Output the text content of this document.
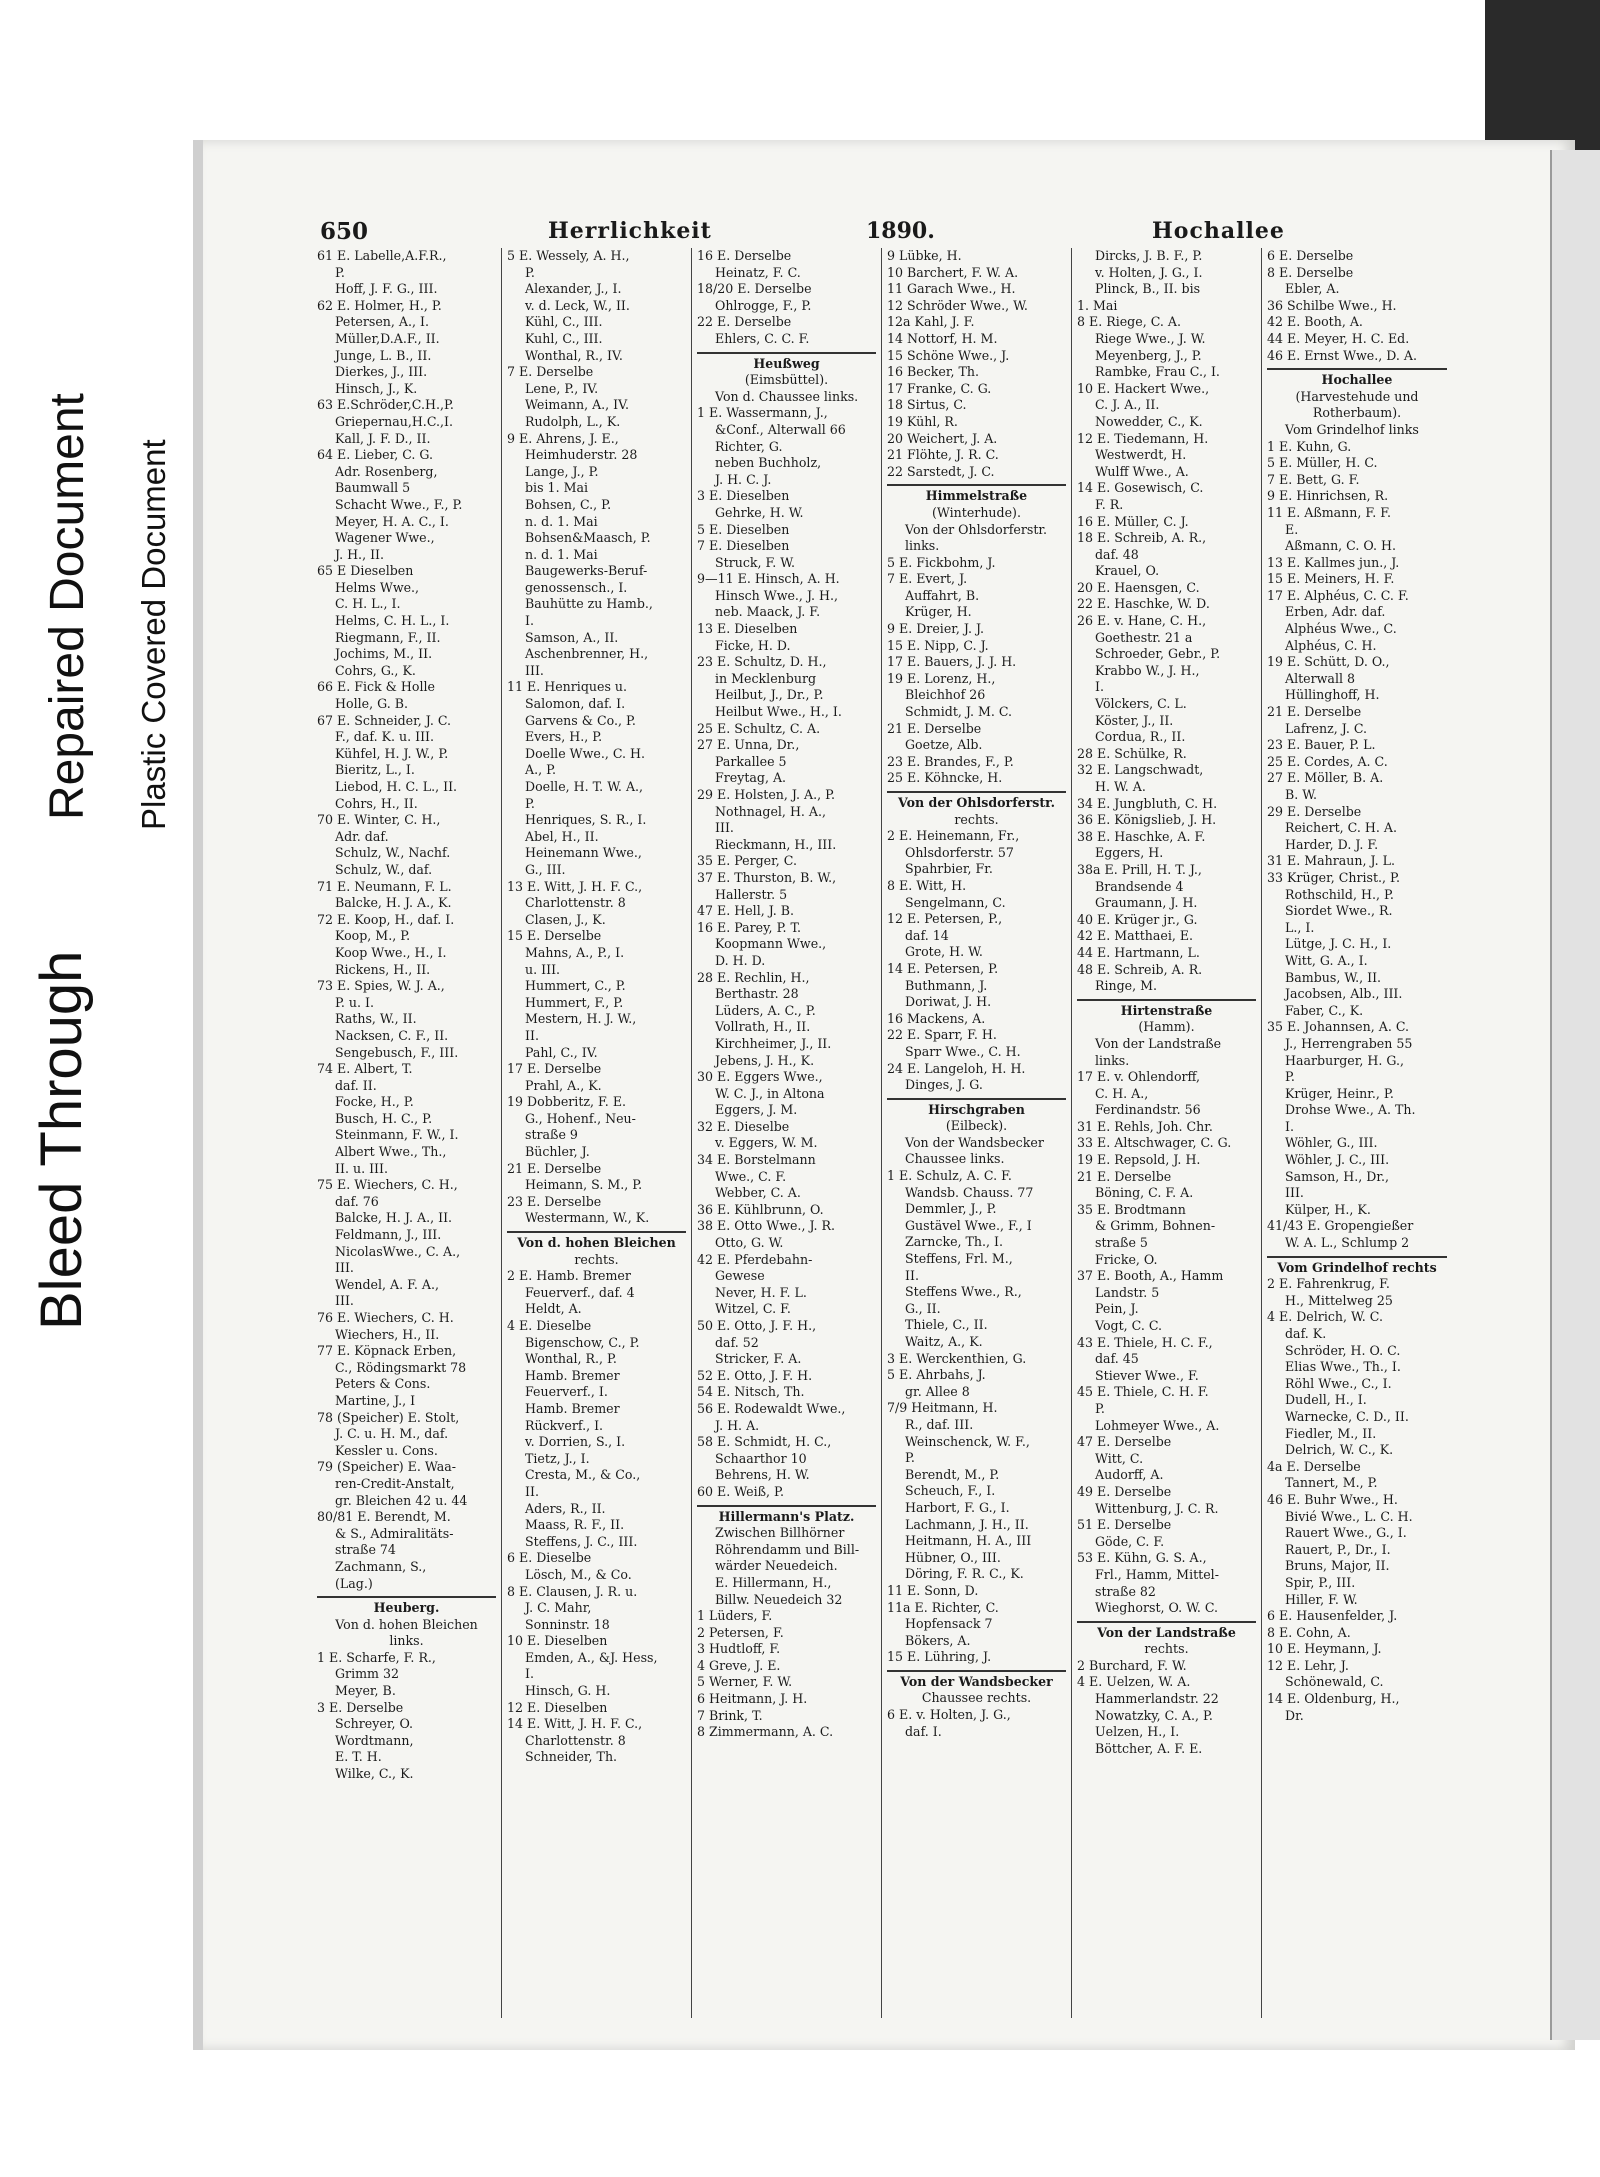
Bleed Through
Repaired Document Plastic Covered Document
650	Herrlichkeit	1890.	Hochallee
61 E. Labelle,A.F.R.,
P.
Hoff, J. F. G., III.
62 E. Holmer, H., P.
Petersen, A., I.
Müller,D.A.F., II.
Junge, L. B., II.
Dierkes, J., III.
Hinsch, J., K.
63 E.Schröder,C.H.,P.
Griepernau,H.C.,I.
Kall, J. F. D., II.
64 E. Lieber, C. G.
Adr. Rosenberg,
Baumwall 5
Schacht Wwe., F., P.
Meyer, H. A. C., I.
Wagener Wwe.,
J. H., II.
65 E Dieselben
Helms Wwe.,
C. H. L., I.
Helms, C. H. L., I.
Riegmann, F., II.
Jochims, M., II.
Cohrs, G., K.
66 E. Fick & Holle
Holle, G. B.
67 E. Schneider, J. C.
F., daf. K. u. III.
Kühfel, H. J. W., P.
Bieritz, L., I.
Liebod, H. C. L., II.
Cohrs, H., II.
70 E. Winter, C. H.,
Adr. daf.
Schulz, W., Nachf.
Schulz, W., daf.
71 E. Neumann, F. L.
Balcke, H. J. A., K.
72 E. Koop, H., daf. I.
Koop, M., P.
Koop Wwe., H., I.
Rickens, H., II.
73 E. Spies, W. J. A.,
P. u. I.
Raths, W., II.
Nacksen, C. F., II.
Sengebusch, F., III.
74 E. Albert, T.
daf. II.
Focke, H., P.
Busch, H. C., P.
Steinmann, F. W., I.
Albert Wwe., Th.,
II. u. III.
75 E. Wiechers, C. H.,
daf. 76
Balcke, H. J. A., II.
Feldmann, J., III.
NicolasWwe., C. A.,
III.
Wendel, A. F. A.,
III.
76 E. Wiechers, C. H.
Wiechers, H., II.
77 E. Köpnack Erben,
C., Rödingsmarkt 78
Peters & Cons.
Martine, J., I
78 (Speicher) E. Stolt,
J. C. u. H. M., daf.
Kessler u. Cons.
79 (Speicher) E. Waa-
ren-Credit-Anstalt,
gr. Bleichen 42 u. 44
80/81 E. Berendt, M.
& S., Admiralitäts-
straße 74
Zachmann, S.,
(Lag.)
Heuberg.
Von d. hohen Bleichen
links.
1 E. Scharfe, F. R.,
Grimm 32
Meyer, B.
3 E. Derselbe
Schreyer, O.
Wordtmann,
E. T. H.
Wilke, C., K.
5 E. Wessely, A. H.,
P.
Alexander, J., I.
v. d. Leck, W., II.
Kühl, C., III.
Kuhl, C., III.
Wonthal, R., IV.
7 E. Derselbe
Lene, P., IV.
Weimann, A., IV.
Rudolph, L., K.
9 E. Ahrens, J. E.,
Heimhuderstr. 28
Lange, J., P.
bis 1. Mai
Bohsen, C., P.
n. d. 1. Mai
Bohsen&Maasch, P.
n. d. 1. Mai
Baugewerks-Beruf-
genossensch., I.
Bauhütte zu Hamb.,
I.
Samson, A., II.
Aschenbrenner, H.,
III.
11 E. Henriques u.
Salomon, daf. I.
Garvens & Co., P.
Evers, H., P.
Doelle Wwe., C. H.
A., P.
Doelle, H. T. W. A.,
P.
Henriques, S. R., I.
Abel, H., II.
Heinemann Wwe.,
G., III.
13 E. Witt, J. H. F. C.,
Charlottenstr. 8
Clasen, J., K.
15 E. Derselbe
Mahns, A., P., I.
u. III.
Hummert, C., P.
Hummert, F., P.
Mestern, H. J. W.,
II.
Pahl, C., IV.
17 E. Derselbe
Prahl, A., K.
19 Dobberitz, F. E.
G., Hohenf., Neu-
straße 9
Büchler, J.
21 E. Derselbe
Heimann, S. M., P.
23 E. Derselbe
Westermann, W., K.
Von d. hohen Bleichen
rechts.
2 E. Hamb. Bremer
Feuerverf., daf. 4
Heldt, A.
4 E. Dieselbe
Bigenschow, C., P.
Wonthal, R., P.
Hamb. Bremer
Feuerverf., I.
Hamb. Bremer
Rückverf., I.
v. Dorrien, S., I.
Tietz, J., I.
Cresta, M., & Co.,
II.
Aders, R., II.
Maass, R. F., II.
Steffens, J. C., III.
6 E. Dieselbe
Lösch, M., & Co.
8 E. Clausen, J. R. u.
J. C. Mahr,
Sonninstr. 18
10 E. Dieselben
Emden, A., &J. Hess,
I.
Hinsch, G. H.
12 E. Dieselben
14 E. Witt, J. H. F. C.,
Charlottenstr. 8
Schneider, Th.
16 E. Derselbe
Heinatz, F. C.
18/20 E. Derselbe
Ohlrogge, F., P.
22 E. Derselbe
Ehlers, C. C. F.
Heußweg
(Eimsbüttel).
Von d. Chaussee links.
1 E. Wassermann, J.,
&Conf., Alterwall 66
Richter, G.
neben Buchholz,
J. H. C. J.
3 E. Dieselben
Gehrke, H. W.
5 E. Dieselben
7 E. Dieselben
Struck, F. W.
9—11 E. Hinsch, A. H.
Hinsch Wwe., J. H.,
neb. Maack, J. F.
13 E. Dieselben
Ficke, H. D.
23 E. Schultz, D. H.,
in Mecklenburg
Heilbut, J., Dr., P.
Heilbut Wwe., H., I.
25 E. Schultz, C. A.
27 E. Unna, Dr.,
Parkallee 5
Freytag, A.
29 E. Holsten, J. A., P.
Nothnagel, H. A.,
III.
Rieckmann, H., III.
35 E. Perger, C.
37 E. Thurston, B. W.,
Hallerstr. 5
47 E. Hell, J. B.
16 E. Parey, P. T.
Koopmann Wwe.,
D. H. D.
28 E. Rechlin, H.,
Berthastr. 28
Lüders, A. C., P.
Vollrath, H., II.
Kirchheimer, J., II.
Jebens, J. H., K.
30 E. Eggers Wwe.,
W. C. J., in Altona
Eggers, J. M.
32 E. Dieselbe
v. Eggers, W. M.
34 E. Borstelmann
Wwe., C. F.
Webber, C. A.
36 E. Kühlbrunn, O.
38 E. Otto Wwe., J. R.
Otto, G. W.
42 E. Pferdebahn-
Gewese
Never, H. F. L.
Witzel, C. F.
50 E. Otto, J. F. H.,
daf. 52
Stricker, F. A.
52 E. Otto, J. F. H.
54 E. Nitsch, Th.
56 E. Rodewaldt Wwe.,
J. H. A.
58 E. Schmidt, H. C.,
Schaarthor 10
Behrens, H. W.
60 E. Weiß, P.
Hillermann's Platz.
Zwischen Billhörner
Röhrendamm und Bill-
wärder Neuedeich.
E. Hillermann, H.,
Billw. Neuedeich 32
1 Lüders, F.
2 Petersen, F.
3 Hudtloff, F.
4 Greve, J. E.
5 Werner, F. W.
6 Heitmann, J. H.
7 Brink, T.
8 Zimmermann, A. C.
9 Lübke, H.
10 Barchert, F. W. A.
11 Garach Wwe., H.
12 Schröder Wwe., W.
12a Kahl, J. F.
14 Nottorf, H. M.
15 Schöne Wwe., J.
16 Becker, Th.
17 Franke, C. G.
18 Sirtus, C.
19 Kühl, R.
20 Weichert, J. A.
21 Flöhte, J. R. C.
22 Sarstedt, J. C.
Himmelstraße
(Winterhude).
Von der Ohlsdorferstr.
links.
5 E. Fickbohm, J.
7 E. Evert, J.
Auffahrt, B.
Krüger, H.
9 E. Dreier, J. J.
15 E. Nipp, C. J.
17 E. Bauers, J. J. H.
19 E. Lorenz, H.,
Bleichhof 26
Schmidt, J. M. C.
21 E. Derselbe
Goetze, Alb.
23 E. Brandes, F., P.
25 E. Köhncke, H.
Von der Ohlsdorferstr.
rechts.
2 E. Heinemann, Fr.,
Ohlsdorferstr. 57
Spahrbier, Fr.
8 E. Witt, H.
Sengelmann, C.
12 E. Petersen, P.,
daf. 14
Grote, H. W.
14 E. Petersen, P.
Buthmann, J.
Doriwat, J. H.
16 Mackens, A.
22 E. Sparr, F. H.
Sparr Wwe., C. H.
24 E. Langeloh, H. H.
Dinges, J. G.
Hirschgraben
(Eilbeck).
Von der Wandsbecker
Chaussee links.
1 E. Schulz, A. C. F.
Wandsb. Chauss. 77
Demmler, J., P.
Gustävel Wwe., F., I
Zarncke, Th., I.
Steffens, Frl. M.,
II.
Steffens Wwe., R.,
G., II.
Thiele, C., II.
Waitz, A., K.
3 E. Werckenthien, G.
5 E. Ahrbahs, J.
gr. Allee 8
7/9 Heitmann, H.
R., daf. III.
Weinschenck, W. F.,
P.
Berendt, M., P.
Scheuch, F., I.
Harbort, F. G., I.
Lachmann, J. H., II.
Heitmann, H. A., III
Hübner, O., III.
Döring, F. R. C., K.
11 E. Sonn, D.
11a E. Richter, C.
Hopfensack 7
Bökers, A.
15 E. Lühring, J.
Von der Wandsbecker
Chaussee rechts.
6 E. v. Holten, J. G.,
daf. I.
Dircks, J. B. F., P.
v. Holten, J. G., I.
Plinck, B., II. bis
1. Mai
8 E. Riege, C. A.
Riege Wwe., J. W.
Meyenberg, J., P.
Rambke, Frau C., I.
10 E. Hackert Wwe.,
C. J. A., II.
Nowedder, C., K.
12 E. Tiedemann, H.
Westwerdt, H.
Wulff Wwe., A.
14 E. Gosewisch, C.
F. R.
16 E. Müller, C. J.
18 E. Schreib, A. R.,
daf. 48
Krauel, O.
20 E. Haensgen, C.
22 E. Haschke, W. D.
26 E. v. Hane, C. H.,
Goethestr. 21 a
Schroeder, Gebr., P.
Krabbo W., J. H.,
I.
Völckers, C. L.
Köster, J., II.
Cordua, R., II.
28 E. Schülke, R.
32 E. Langschwadt,
H. W. A.
34 E. Jungbluth, C. H.
36 E. Königslieb, J. H.
38 E. Haschke, A. F.
Eggers, H.
38a E. Prill, H. T. J.,
Brandsende 4
Graumann, J. H.
40 E. Krüger jr., G.
42 E. Matthaei, E.
44 E. Hartmann, L.
48 E. Schreib, A. R.
Ringe, M.
Hirtenstraße
(Hamm).
Von der Landstraße
links.
17 E. v. Ohlendorff,
C. H. A.,
Ferdinandstr. 56
31 E. Rehls, Joh. Chr.
33 E. Altschwager, C. G.
19 E. Repsold, J. H.
21 E. Derselbe
Böning, C. F. A.
35 E. Brodtmann
& Grimm, Bohnen-
straße 5
Fricke, O.
37 E. Booth, A., Hamm
Landstr. 5
Pein, J.
Vogt, C. C.
43 E. Thiele, H. C. F.,
daf. 45
Stiever Wwe., F.
45 E. Thiele, C. H. F.
P.
Lohmeyer Wwe., A.
47 E. Derselbe
Witt, C.
Audorff, A.
49 E. Derselbe
Wittenburg, J. C. R.
51 E. Derselbe
Göde, C. F.
53 E. Kühn, G. S. A.,
Frl., Hamm, Mittel-
straße 82
Wieghorst, O. W. C.
Von der Landstraße
rechts.
2 Burchard, F. W.
4 E. Uelzen, W. A.
Hammerlandstr. 22
Nowatzky, C. A., P.
Uelzen, H., I.
Böttcher, A. F. E.
6 E. Derselbe
8 E. Derselbe
Ebler, A.
36 Schilbe Wwe., H.
42 E. Booth, A.
44 E. Meyer, H. C. Ed.
46 E. Ernst Wwe., D. A.
Hochallee
(Harvestehude und
Rotherbaum).
Vom Grindelhof links
1 E. Kuhn, G.
5 E. Müller, H. C.
7 E. Bett, G. F.
9 E. Hinrichsen, R.
11 E. Aßmann, F. F.
E.
Aßmann, C. O. H.
13 E. Kallmes jun., J.
15 E. Meiners, H. F.
17 E. Alphéus, C. C. F.
Erben, Adr. daf.
Alphéus Wwe., C.
Alphéus, C. H.
19 E. Schütt, D. O.,
Alterwall 8
Hüllinghoff, H.
21 E. Derselbe
Lafrenz, J. C.
23 E. Bauer, P. L.
25 E. Cordes, A. C.
27 E. Möller, B. A.
B. W.
29 E. Derselbe
Reichert, C. H. A.
Harder, D. J. F.
31 E. Mahraun, J. L.
33 Krüger, Christ., P.
Rothschild, H., P.
Siordet Wwe., R.
L., I.
Lütge, J. C. H., I.
Witt, G. A., I.
Bambus, W., II.
Jacobsen, Alb., III.
Faber, C., K.
35 E. Johannsen, A. C.
J., Herrengraben 55
Haarburger, H. G.,
P.
Krüger, Heinr., P.
Drohse Wwe., A. Th.
I.
Wöhler, G., III.
Wöhler, J. C., III.
Samson, H., Dr.,
III.
Külper, H., K.
41/43 E. Gropengießer
W. A. L., Schlump 2
Vom Grindelhof rechts
2 E. Fahrenkrug, F.
H., Mittelweg 25
4 E. Delrich, W. C.
daf. K.
Schröder, H. O. C.
Elias Wwe., Th., I.
Röhl Wwe., C., I.
Dudell, H., I.
Warnecke, C. D., II.
Fiedler, M., II.
Delrich, W. C., K.
4a E. Derselbe
Tannert, M., P.
46 E. Buhr Wwe., H.
Bivié Wwe., L. C. H.
Rauert Wwe., G., I.
Rauert, P., Dr., I.
Bruns, Major, II.
Spir, P., III.
Hiller, F. W.
6 E. Hausenfelder, J.
8 E. Cohn, A.
10 E. Heymann, J.
12 E. Lehr, J.
Schönewald, C.
14 E. Oldenburg, H.,
Dr.
